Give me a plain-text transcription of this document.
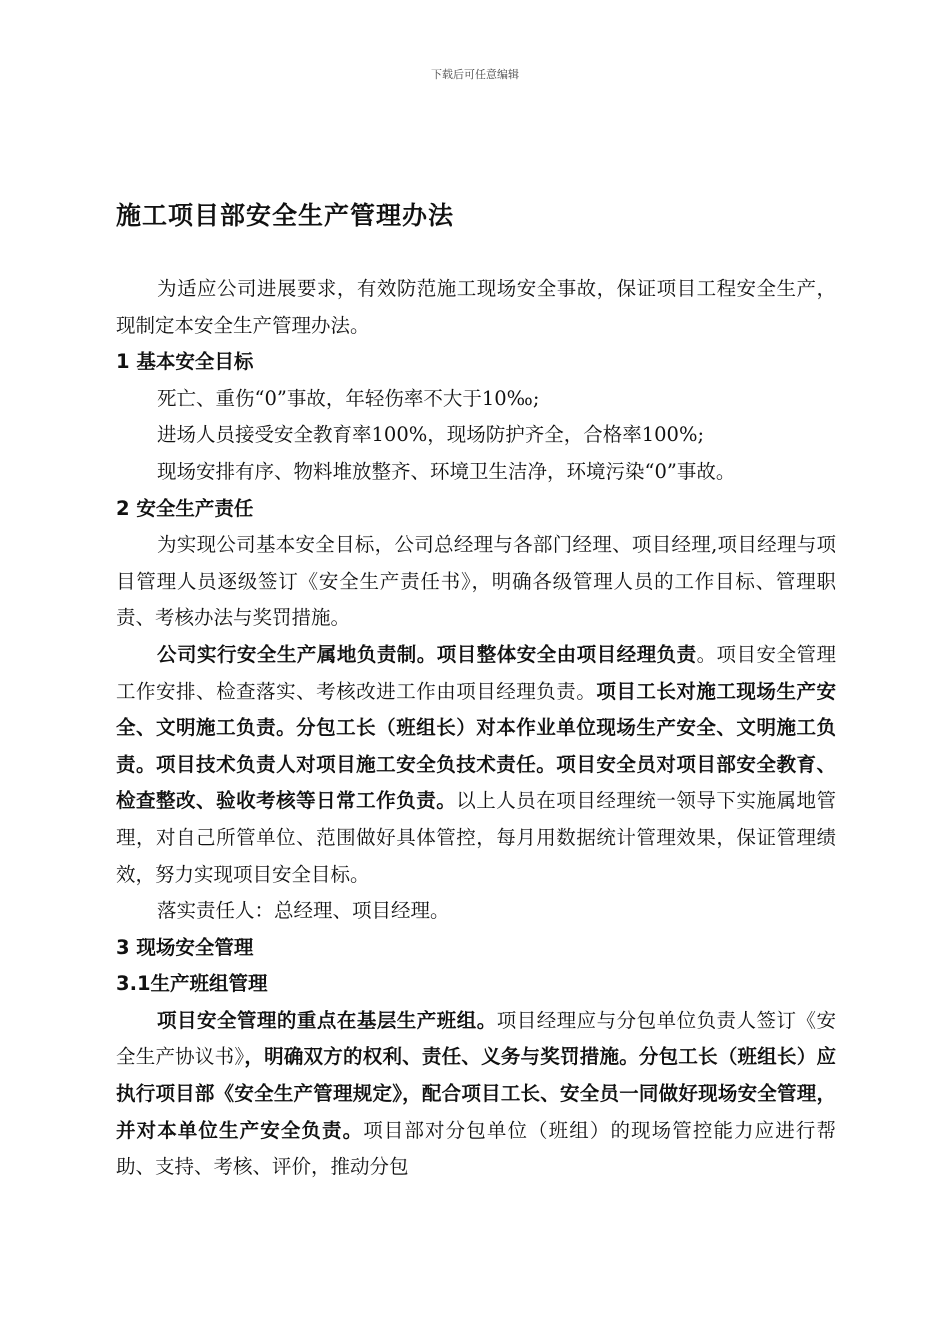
下载后可任意编辑
施工项目部安全生产管理办法

为适应公司进展要求，有效防范施工现场安全事故，保证项目工程安全生产，现制定本安全生产管理办法。

1 基本安全目标

死亡、重伤“0”事故，年轻伤率不大于10‰;

进场人员接受安全教育率100%，现场防护齐全，合格率100%;

现场安排有序、物料堆放整齐、环境卫生洁净，环境污染“0”事故。

2 安全生产责任

为实现公司基本安全目标，公司总经理与各部门经理、项目经理,项目经理与项目管理人员逐级签订《安全生产责任书》，明确各级管理人员的工作目标、管理职责、考核办法与奖罚措施。

公司实行安全生产属地负责制。项目整体安全由项目经理负责。项目安全管理工作安排、检查落实、考核改进工作由项目经理负责。项目工长对施工现场生产安全、文明施工负责。分包工长（班组长）对本作业单位现场生产安全、文明施工负责。项目技术负责人对项目施工安全负技术责任。项目安全员对项目部安全教育、检查整改、验收考核等日常工作负责。以上人员在项目经理统一领导下实施属地管理，对自己所管单位、范围做好具体管控，每月用数据统计管理效果，保证管理绩效，努力实现项目安全目标。

落实责任人：总经理、项目经理。

3 现场安全管理

3.1生产班组管理

项目安全管理的重点在基层生产班组。项目经理应与分包单位负责人签订《安全生产协议书》，明确双方的权利、责任、义务与奖罚措施。分包工长（班组长）应执行项目部《安全生产管理规定》，配合项目工长、安全员一同做好现场安全管理，并对本单位生产安全负责。项目部对分包单位（班组）的现场管控能力应进行帮助、支持、考核、评价，推动分包
